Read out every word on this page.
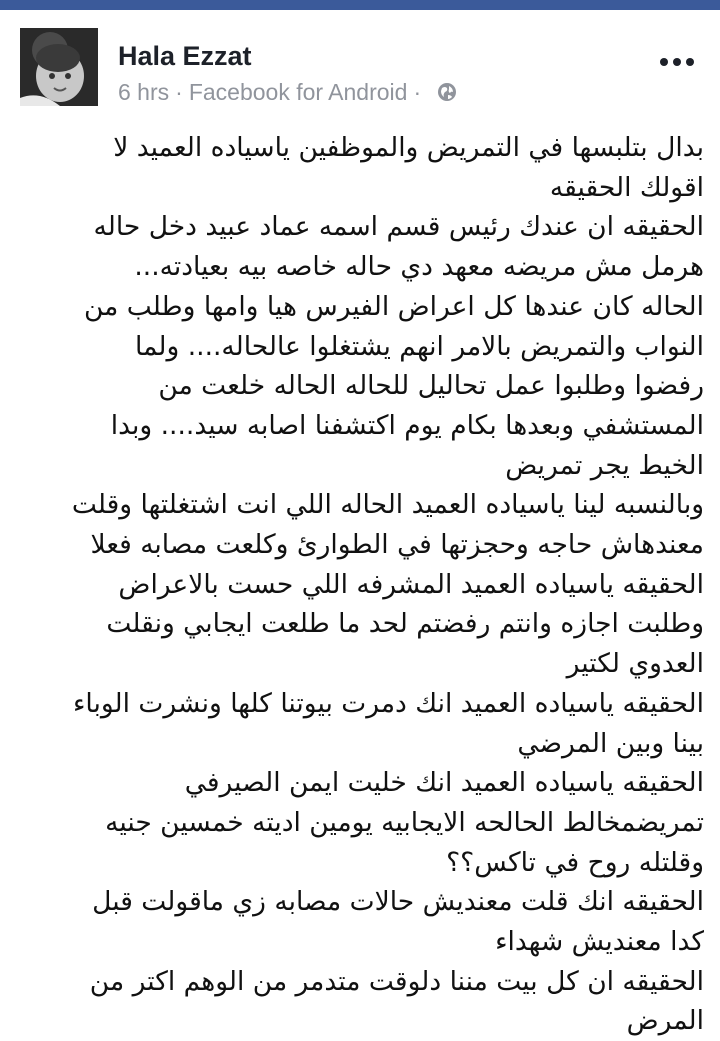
Hala Ezzat
6 hrs · Facebook for Android ·
بدال بتلبسها في التمريض والموظفين ياسياده العميد لا
اقولك الحقيقه
الحقيقه ان عندك رئيس قسم اسمه عماد عبيد دخل حاله
هرمل مش مريضه معهد دي حاله خاصه بيه بعيادته...
الحاله كان عندها كل اعراض الفيرس هيا وامها وطلب من
النواب والتمريض بالامر انهم يشتغلوا عالحاله.... ولما
رفضوا وطلبوا عمل تحاليل للحاله الحاله خلعت من
المستشفي وبعدها بكام يوم اكتشفنا اصابه سيد.... وبدا
الخيط يجر تمريض
وبالنسبه لينا ياسياده العميد الحاله اللي انت اشتغلتها وقلت
معندهاش حاجه وحجزتها في الطوارئ وكلعت مصابه فعلا
الحقيقه ياسياده العميد المشرفه اللي حست بالاعراض
وطلبت اجازه وانتم رفضتم لحد ما طلعت ايجابي ونقلت
العدوي لكتير
الحقيقه ياسياده العميد انك دمرت بيوتنا كلها ونشرت الوباء
بينا وبين المرضي
الحقيقه ياسياده العميد انك خليت ايمن الصيرفي
تمريضمخالط الحالحه الايجابيه يومين اديته خمسين جنيه
وقلتله روح في تاكس؟؟
الحقيقه انك قلت معنديش حالات مصابه زي ماقولت قبل
كدا معنديش شهداء
الحقيقه ان كل بيت مننا دلوقت متدمر من الوهم اكتر من
المرض
